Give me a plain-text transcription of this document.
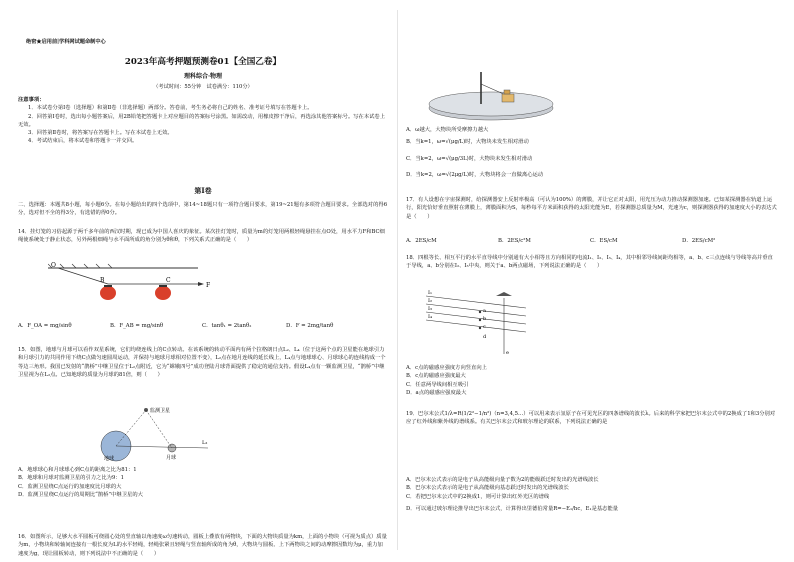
绝密★启用前|学科网试题命制中心
2023年高考押题预测卷01【全国乙卷】
理科综合·物理
（考试时间：55分钟　试卷满分：110分）

注意事项：

1．本试卷分第Ⅰ卷（选择题）和第Ⅱ卷（非选择题）两部分。答卷前，考生务必将自己的姓名、准考证号填写在答题卡上。

2．回答第Ⅰ卷时，选出每小题答案后，用2B铅笔把答题卡上对应题目的答案标号涂黑。如需改动，用橡皮擦干净后，再选涂其他答案标号。写在本试卷上无效。

3．回答第Ⅱ卷时，将答案写在答题卡上。写在本试卷上无效。

4．考试结束后，将本试卷和答题卡一并交回。

第Ⅰ卷
二、选择题：本题共8小题，每小题6分。在每小题给出的四个选项中，第14~18题只有一项符合题目要求，第19~21题有多项符合题目要求。全部选对的得6分，选对但不全的得3分，有选错的得0分。
14．挂灯笼的习俗起源于两千多年前的西汉时期，现已成为中国人喜庆的象征。某次挂灯笼时，质量为m的灯笼用两根轻绳悬挂在点O处，用水平力F和BC细绳使系统处于静止状态，另外两根细绳与水平面所成的角分别为θ和θ，下列关系式正确的是（　　）
O
B	C
F
A．F_OA = mg/sinθ	B．F_AB = mg/sinθ	C．tanθ₁ = 2tanθ₂	D．F = 2mg/tanθ
15．如图，地球与月球可以看作双星系统，它们均绕连线上的C点转动。在该系统的转动平面内有两个拉格朗日点L₂、L₄（位于这两个点的卫星能在地球引力和月球引力的共同作用下绕C点做匀速圆周运动，并保持与地球月球相对位置不变），L₂点在地月连线的延长线上，L₄点与地球球心、月球球心的连线构成一个等边三角形。我国已发射的“鹊桥”中继卫星位于L₂点附近，它为“嫦娥四号”成功登陆月球背面提供了稳定的通信支持。假设L₄点有一颗监测卫星，“鹊桥”中继卫星视为在L₂点。已知地球的质量为月球的81倍，则（　　）
监测卫星
地球	月球
L₂

A．地球球心和月球球心到C点的距离之比为81：1

B．地球和月球对监测卫星的引力之比为9：1

C．监测卫星绕C点运行的加速度比月球的大

D．监测卫星绕C点运行的周期比“鹊桥”中继卫星的大

16．如图所示，足够大水平圆板可绕圆心处的竖直轴以角速度ω匀速转动，圆板上叠放有两物块，下面的大物块质量为km，上面的小物块（可视为质点）质量为m，小物块和转轴间连接有一根长度为L的水平轻绳，轻绳张紧且轻绳与竖直轴所成的角为θ，大物块与圆板、上下两物块之间的动摩擦因数均为μ，重力加速度为g，现让圆板转动，则下列说法中不正确的是（　　）

A．ω越大，大物块所受摩擦力越大

B．当k=1，ω=√(μg/L)时，大物块未发生相对滑动

C．当k=2，ω=√(μg/3L)时，大物块未发生相对滑动

D．当k=2，ω=√(2μg/L)时，大物块将会一直做离心运动

17．有人设想在宇宙探测时，给探测器安上反射率极高（可认为100%）的薄膜，并让它正对太阳，用光压为动力推动探测器加速。已知某探测器在轨道上运行，阳光恰好垂直照射在薄膜上，薄膜面积为S，每秒每平方米面积获得的太阳光能为E，若探测器总质量为M，光速为c，则探测器获得的加速度大小的表达式是（　　）
A．2ES/cM	B．2ES/c²M	C．ES/cM	D．2ES/cM²
18．四根等长、相互平行的水平直导线中分别通有大小相等且方向相同的电流I₁、I₂、I₃、I₄，其中相邻导线间距均相等，a、b、c三点连线与导线等高并垂直于导线，a、b分别在I₂、I₃中央，则关于a、b两点磁场，下列说法正确的是（　　）
I₁
I₂
I₃
I₄
a
b
c
d
e

A．c点的磁感应强度方向竖直向上

B．c点的磁感应强度最大

C．任意两导线间相互吸引

D．a点的磁感应强度最大

19．巴尔末公式1/λ=R(1/2²−1/n²)（n=3,4,5…）可以用来表示氢原子在可见光区的四条谱线的波长λ。后来的科学家把巴尔末公式中的2换成了1和3分别对应了红外线和紫外线的谱线系。有关巴尔末公式和玻尔理论的联系，下列说法正确的是

A．巴尔末公式表示的是电子从高能级向量子数为2的能级跃迁时发出的光谱线波长

B．巴尔末公式表示的是电子从高能级向基态跃迁时发出的光谱线波长

C．若把巴尔末公式中的2换成1，则可计算出红外光区的谱线

D．可以通过玻尔理论推导出巴尔末公式，计算得出里德伯常量R=−E₁/hc，E₁是基态能量
